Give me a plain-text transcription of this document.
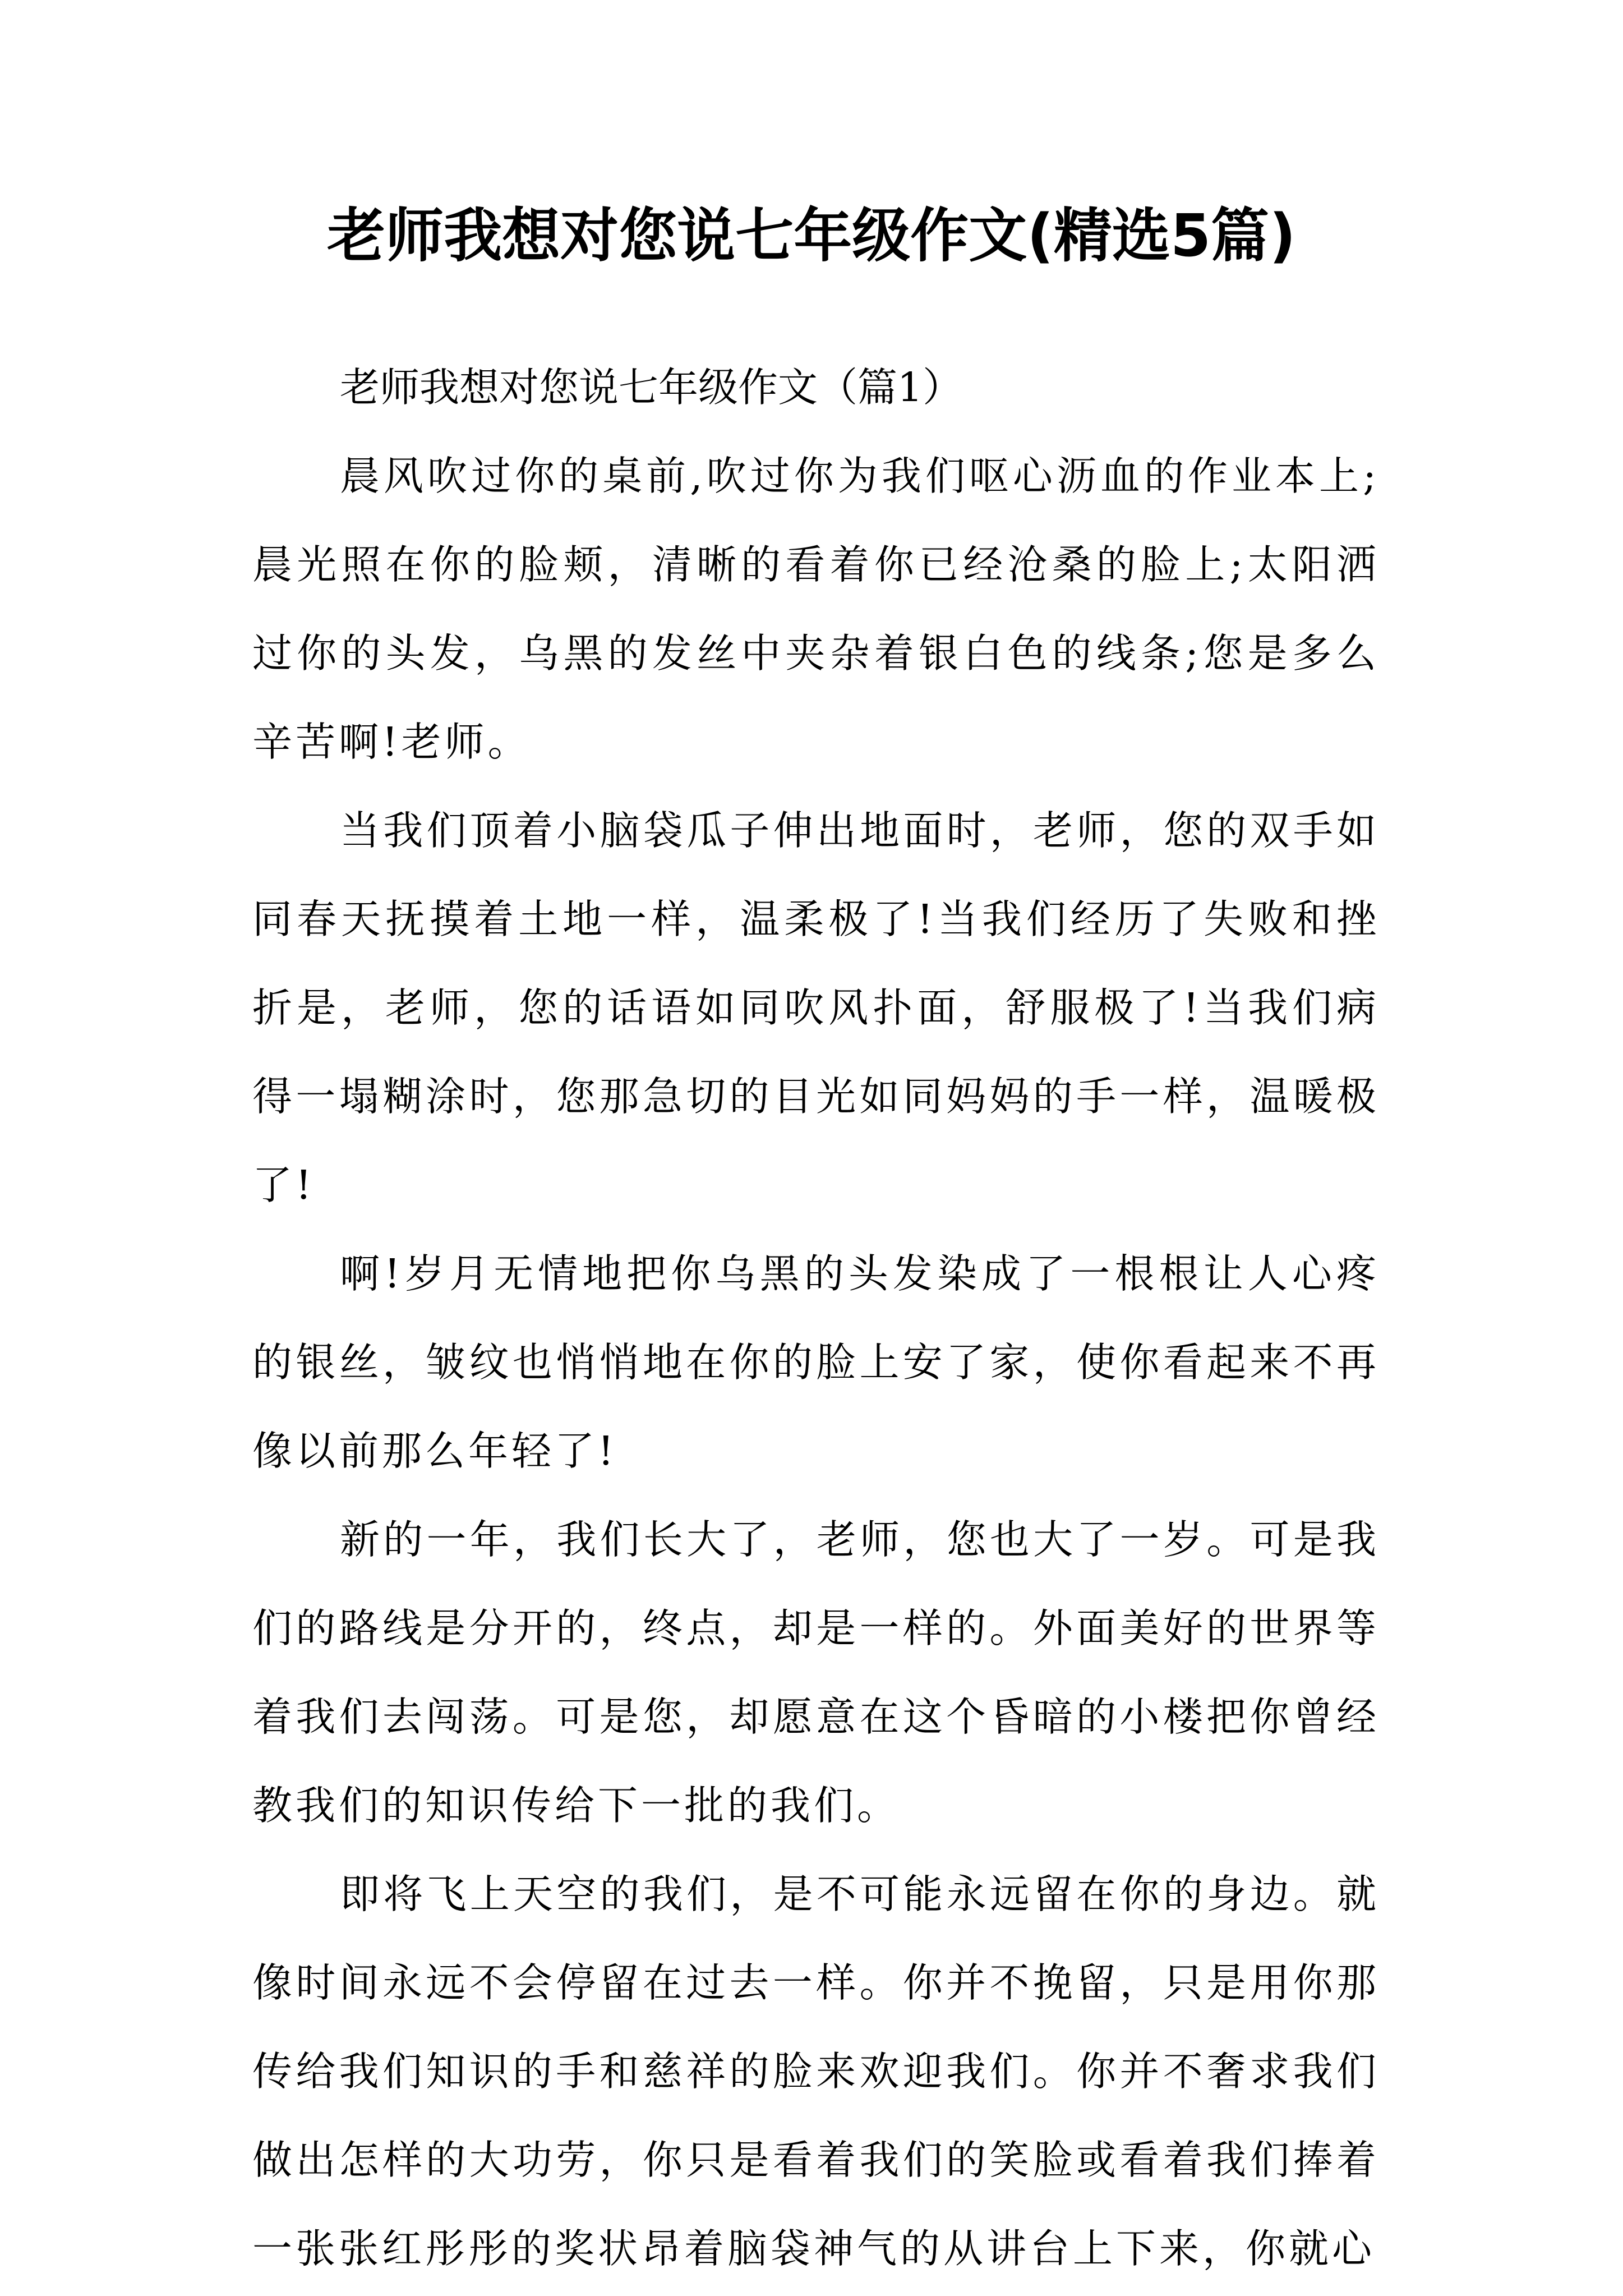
老师我想对您说七年级作文(精选5篇)
老师我想对您说七年级作文（篇1）

晨风吹过你的桌前,吹过你为我们呕心沥血的作业本上;晨光照在你的脸颊，清晰的看着你已经沧桑的脸上;太阳洒过你的头发，乌黑的发丝中夹杂着银白色的线条;您是多么辛苦啊!老师。

当我们顶着小脑袋瓜子伸出地面时，老师，您的双手如同春天抚摸着土地一样，温柔极了!当我们经历了失败和挫折是，老师，您的话语如同吹风扑面，舒服极了!当我们病得一塌糊涂时，您那急切的目光如同妈妈的手一样，温暖极了!

啊!岁月无情地把你乌黑的头发染成了一根根让人心疼的银丝，皱纹也悄悄地在你的脸上安了家，使你看起来不再像以前那么年轻了!

新的一年，我们长大了，老师，您也大了一岁。可是我们的路线是分开的，终点，却是一样的。外面美好的世界等着我们去闯荡。可是您，却愿意在这个昏暗的小楼把你曾经教我们的知识传给下一批的我们。

即将飞上天空的我们，是不可能永远留在你的身边。就像时间永远不会停留在过去一样。你并不挽留，只是用你那传给我们知识的手和慈祥的脸来欢迎我们。你并不奢求我们做出怎样的大功劳，你只是看着我们的笑脸或看着我们捧着一张张红彤彤的奖状昂着脑袋神气的从讲台上下来，你就心
